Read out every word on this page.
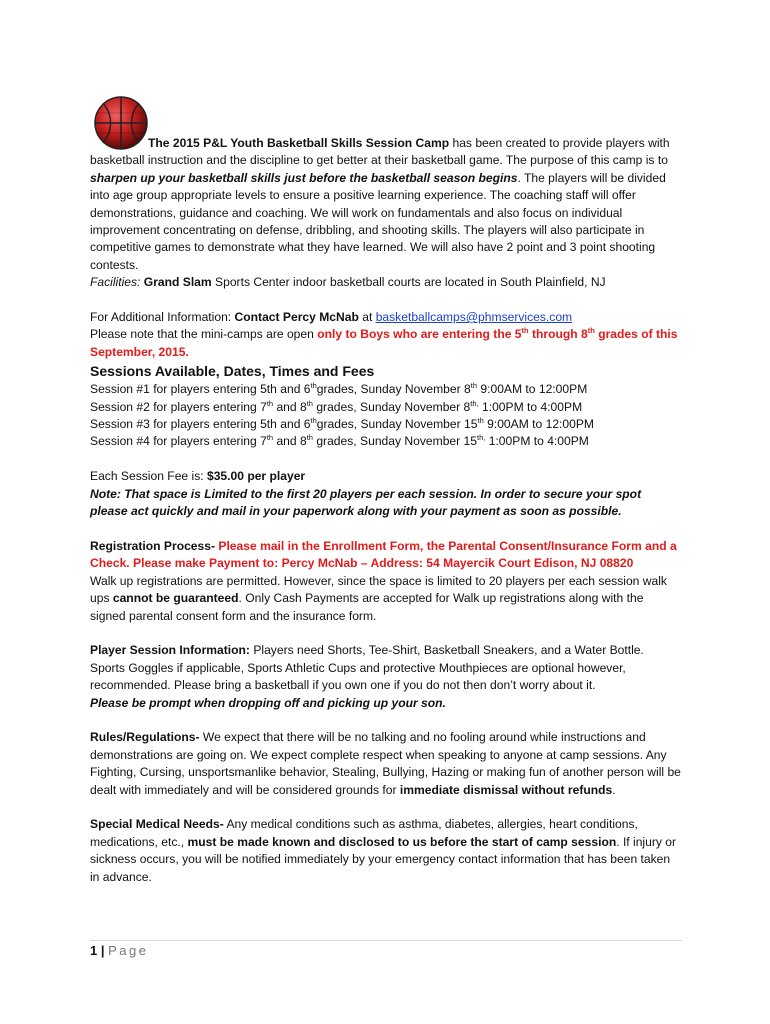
The 2015 P&L Youth Basketball Skills Session Camp has been created to provide players with basketball instruction and the discipline to get better at their basketball game. The purpose of this camp is to sharpen up your basketball skills just before the basketball season begins. The players will be divided into age group appropriate levels to ensure a positive learning experience. The coaching staff will offer demonstrations, guidance and coaching. We will work on fundamentals and also focus on individual improvement concentrating on defense, dribbling, and shooting skills. The players will also participate in competitive games to demonstrate what they have learned. We will also have 2 point and 3 point shooting contests.

Facilities: Grand Slam Sports Center indoor basketball courts are located in South Plainfield, NJ

For Additional Information: Contact Percy McNab at basketballcamps@phmservices.com

Please note that the mini-camps are open only to Boys who are entering the 5th through 8th grades of this September, 2015.

Sessions Available, Dates, Times and Fees

Session #1 for players entering 5th and 6thgrades, Sunday November 8th 9:00AM to 12:00PM

Session #2 for players entering 7th and 8th grades, Sunday November $8^{th,}$ 1:00PM to 4:00PM

Session #3 for players entering 5th and 6thgrades, Sunday November 15th 9:00AM to 12:00PM

Session #4 for players entering 7th and 8th grades, Sunday November $15^{th,}$ 1:00PM to 4:00PM

Each Session Fee is: $35.00 per player

Note: That space is Limited to the first 20 players per each session. In order to secure your spot please act quickly and mail in your paperwork along with your payment as soon as possible.

Registration Process- Please mail in the Enrollment Form, the Parental Consent/Insurance Form and a Check. Please make Payment to: Percy McNab – Address: 54 Mayercik Court Edison, NJ 08820

Walk up registrations are permitted. However, since the space is limited to 20 players per each session walk ups cannot be guaranteed. Only Cash Payments are accepted for Walk up registrations along with the signed parental consent form and the insurance form.

Player Session Information: Players need Shorts, Tee-Shirt, Basketball Sneakers, and a Water Bottle. Sports Goggles if applicable, Sports Athletic Cups and protective Mouthpieces are optional however, recommended. Please bring a basketball if you own one if you do not then don’t worry about it.

Please be prompt when dropping off and picking up your son.

Rules/Regulations- We expect that there will be no talking and no fooling around while instructions and demonstrations are going on. We expect complete respect when speaking to anyone at camp sessions. Any Fighting, Cursing, unsportsmanlike behavior, Stealing, Bullying, Hazing or making fun of another person will be dealt with immediately and will be considered grounds for immediate dismissal without refunds.

Special Medical Needs- Any medical conditions such as asthma, diabetes, allergies, heart conditions, medications, etc., must be made known and disclosed to us before the start of camp session. If injury or sickness occurs, you will be notified immediately by your emergency contact information that has been taken in advance.

1 | Page
